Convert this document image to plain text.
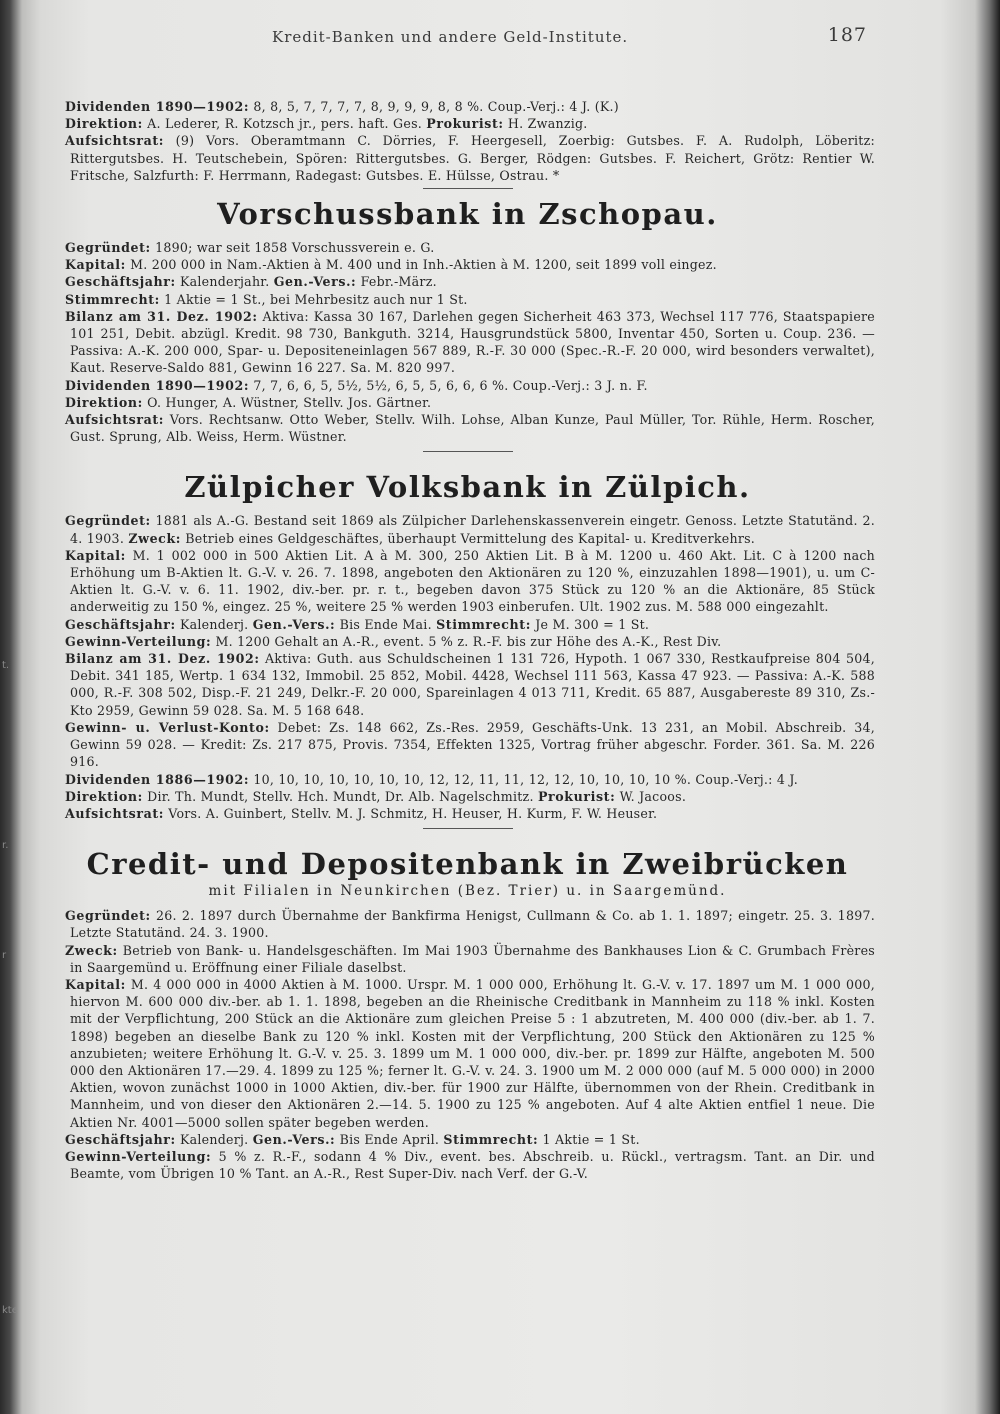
t.
r.
r
kte
Kredit-Banken und andere Geld-Institute.	187

Dividenden 1890—1902: 8, 8, 5, 7, 7, 7, 7, 8, 9, 9, 9, 8, 8 %. Coup.-Verj.: 4 J. (K.)

Direktion: A. Lederer, R. Kotzsch jr., pers. haft. Ges. Prokurist: H. Zwanzig.

Aufsichtsrat: (9) Vors. Oberamtmann C. Dörries, F. Heergesell, Zoerbig: Gutsbes. F. A. Rudolph, Löberitz: Rittergutsbes. H. Teutschebein, Spören: Rittergutsbes. G. Berger, Rödgen: Gutsbes. F. Reichert, Grötz: Rentier W. Fritsche, Salzfurth: F. Herrmann, Radegast: Gutsbes. E. Hülsse, Ostrau. *

Vorschussbank in Zschopau.

Gegründet: 1890; war seit 1858 Vorschussverein e. G.

Kapital: M. 200 000 in Nam.-Aktien à M. 400 und in Inh.-Aktien à M. 1200, seit 1899 voll eingez.

Geschäftsjahr: Kalenderjahr. Gen.-Vers.: Febr.-März.

Stimmrecht: 1 Aktie = 1 St., bei Mehrbesitz auch nur 1 St.

Bilanz am 31. Dez. 1902: Aktiva: Kassa 30 167, Darlehen gegen Sicherheit 463 373, Wechsel 117 776, Staatspapiere 101 251, Debit. abzügl. Kredit. 98 730, Bankguth. 3214, Hausgrundstück 5800, Inventar 450, Sorten u. Coup. 236. — Passiva: A.-K. 200 000, Spar- u. Depositeneinlagen 567 889, R.-F. 30 000 (Spec.-R.-F. 20 000, wird besonders verwaltet), Kaut. Reserve-Saldo 881, Gewinn 16 227. Sa. M. 820 997.

Dividenden 1890—1902: 7, 7, 6, 6, 5, 5½, 5½, 6, 5, 5, 6, 6, 6 %. Coup.-Verj.: 3 J. n. F.

Direktion: O. Hunger, A. Wüstner, Stellv. Jos. Gärtner.

Aufsichtsrat: Vors. Rechtsanw. Otto Weber, Stellv. Wilh. Lohse, Alban Kunze, Paul Müller, Tor. Rühle, Herm. Roscher, Gust. Sprung, Alb. Weiss, Herm. Wüstner.

Zülpicher Volksbank in Zülpich.

Gegründet: 1881 als A.-G. Bestand seit 1869 als Zülpicher Darlehenskassenverein eingetr. Genoss. Letzte Statutänd. 2. 4. 1903. Zweck: Betrieb eines Geldgeschäftes, überhaupt Vermittelung des Kapital- u. Kreditverkehrs.

Kapital: M. 1 002 000 in 500 Aktien Lit. A à M. 300, 250 Aktien Lit. B à M. 1200 u. 460 Akt. Lit. C à 1200 nach Erhöhung um B-Aktien lt. G.-V. v. 26. 7. 1898, angeboten den Aktionären zu 120 %, einzuzahlen 1898—1901), u. um C-Aktien lt. G.-V. v. 6. 11. 1902, div.-ber. pr. r. t., begeben davon 375 Stück zu 120 % an die Aktionäre, 85 Stück anderweitig zu 150 %, eingez. 25 %, weitere 25 % werden 1903 einberufen. Ult. 1902 zus. M. 588 000 eingezahlt.

Geschäftsjahr: Kalenderj. Gen.-Vers.: Bis Ende Mai. Stimmrecht: Je M. 300 = 1 St.

Gewinn-Verteilung: M. 1200 Gehalt an A.-R., event. 5 % z. R.-F. bis zur Höhe des A.-K., Rest Div.

Bilanz am 31. Dez. 1902: Aktiva: Guth. aus Schuldscheinen 1 131 726, Hypoth. 1 067 330, Restkaufpreise 804 504, Debit. 341 185, Wertp. 1 634 132, Immobil. 25 852, Mobil. 4428, Wechsel 111 563, Kassa 47 923. — Passiva: A.-K. 588 000, R.-F. 308 502, Disp.-F. 21 249, Delkr.-F. 20 000, Spareinlagen 4 013 711, Kredit. 65 887, Ausgabereste 89 310, Zs.-Kto 2959, Gewinn 59 028. Sa. M. 5 168 648.

Gewinn- u. Verlust-Konto: Debet: Zs. 148 662, Zs.-Res. 2959, Geschäfts-Unk. 13 231, an Mobil. Abschreib. 34, Gewinn 59 028. — Kredit: Zs. 217 875, Provis. 7354, Effekten 1325, Vortrag früher abgeschr. Forder. 361. Sa. M. 226 916.

Dividenden 1886—1902: 10, 10, 10, 10, 10, 10, 10, 12, 12, 11, 11, 12, 12, 10, 10, 10, 10 %. Coup.-Verj.: 4 J.

Direktion: Dir. Th. Mundt, Stellv. Hch. Mundt, Dr. Alb. Nagelschmitz. Prokurist: W. Jacoos.

Aufsichtsrat: Vors. A. Guinbert, Stellv. M. J. Schmitz, H. Heuser, H. Kurm, F. W. Heuser.

Credit- und Depositenbank in Zweibrücken
mit Filialen in Neunkirchen (Bez. Trier) u. in Saargemünd.

Gegründet: 26. 2. 1897 durch Übernahme der Bankfirma Henigst, Cullmann & Co. ab 1. 1. 1897; eingetr. 25. 3. 1897. Letzte Statutänd. 24. 3. 1900.

Zweck: Betrieb von Bank- u. Handelsgeschäften. Im Mai 1903 Übernahme des Bankhauses Lion & C. Grumbach Frères in Saargemünd u. Eröffnung einer Filiale daselbst.

Kapital: M. 4 000 000 in 4000 Aktien à M. 1000. Urspr. M. 1 000 000, Erhöhung lt. G.-V. v. 17. 1897 um M. 1 000 000, hiervon M. 600 000 div.-ber. ab 1. 1. 1898, begeben an die Rheinische Creditbank in Mannheim zu 118 % inkl. Kosten mit der Verpflichtung, 200 Stück an die Aktionäre zum gleichen Preise 5 : 1 abzutreten, M. 400 000 (div.-ber. ab 1. 7. 1898) begeben an dieselbe Bank zu 120 % inkl. Kosten mit der Verpflichtung, 200 Stück den Aktionären zu 125 % anzubieten; weitere Erhöhung lt. G.-V. v. 25. 3. 1899 um M. 1 000 000, div.-ber. pr. 1899 zur Hälfte, angeboten M. 500 000 den Aktionären 17.—29. 4. 1899 zu 125 %; ferner lt. G.-V. v. 24. 3. 1900 um M. 2 000 000 (auf M. 5 000 000) in 2000 Aktien, wovon zunächst 1000 in 1000 Aktien, div.-ber. für 1900 zur Hälfte, übernommen von der Rhein. Creditbank in Mannheim, und von dieser den Aktionären 2.—14. 5. 1900 zu 125 % angeboten. Auf 4 alte Aktien entfiel 1 neue. Die Aktien Nr. 4001—5000 sollen später begeben werden.

Geschäftsjahr: Kalenderj. Gen.-Vers.: Bis Ende April. Stimmrecht: 1 Aktie = 1 St.

Gewinn-Verteilung: 5 % z. R.-F., sodann 4 % Div., event. bes. Abschreib. u. Rückl., vertragsm. Tant. an Dir. und Beamte, vom Übrigen 10 % Tant. an A.-R., Rest Super-Div. nach Verf. der G.-V.
